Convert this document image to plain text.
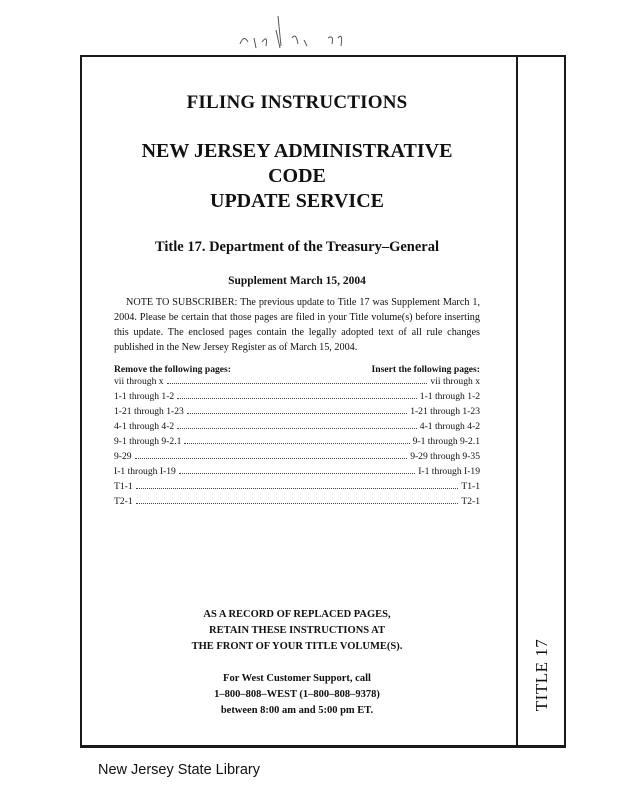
TITLE 17
FILING INSTRUCTIONS
NEW JERSEY ADMINISTRATIVE CODE
UPDATE SERVICE
Title 17. Department of the Treasury–General
Supplement March 15, 2004
NOTE TO SUBSCRIBER: The previous update to Title 17 was Supplement March 1, 2004. Please be certain that those pages are filed in your Title volume(s) before inserting this update. The enclosed pages contain the legally adopted text of all rule changes published in the New Jersey Register as of March 15, 2004.
Remove the following pages:	Insert the following pages:
vii through x	vii through x
1-1 through 1-2	1-1 through 1-2
1-21 through 1-23	1-21 through 1-23
4-1 through 4-2	4-1 through 4-2
9-1 through 9-2.1	9-1 through 9-2.1
9-29	9-29 through 9-35
I-1 through I-19	I-1 through I-19
T1-1	T1-1
T2-1	T2-1
AS A RECORD OF REPLACED PAGES,
RETAIN THESE INSTRUCTIONS AT
THE FRONT OF YOUR TITLE VOLUME(S).
For West Customer Support, call
1–800–808–WEST (1–800–808–9378)
between 8:00 am and 5:00 pm ET.
New Jersey State Library
